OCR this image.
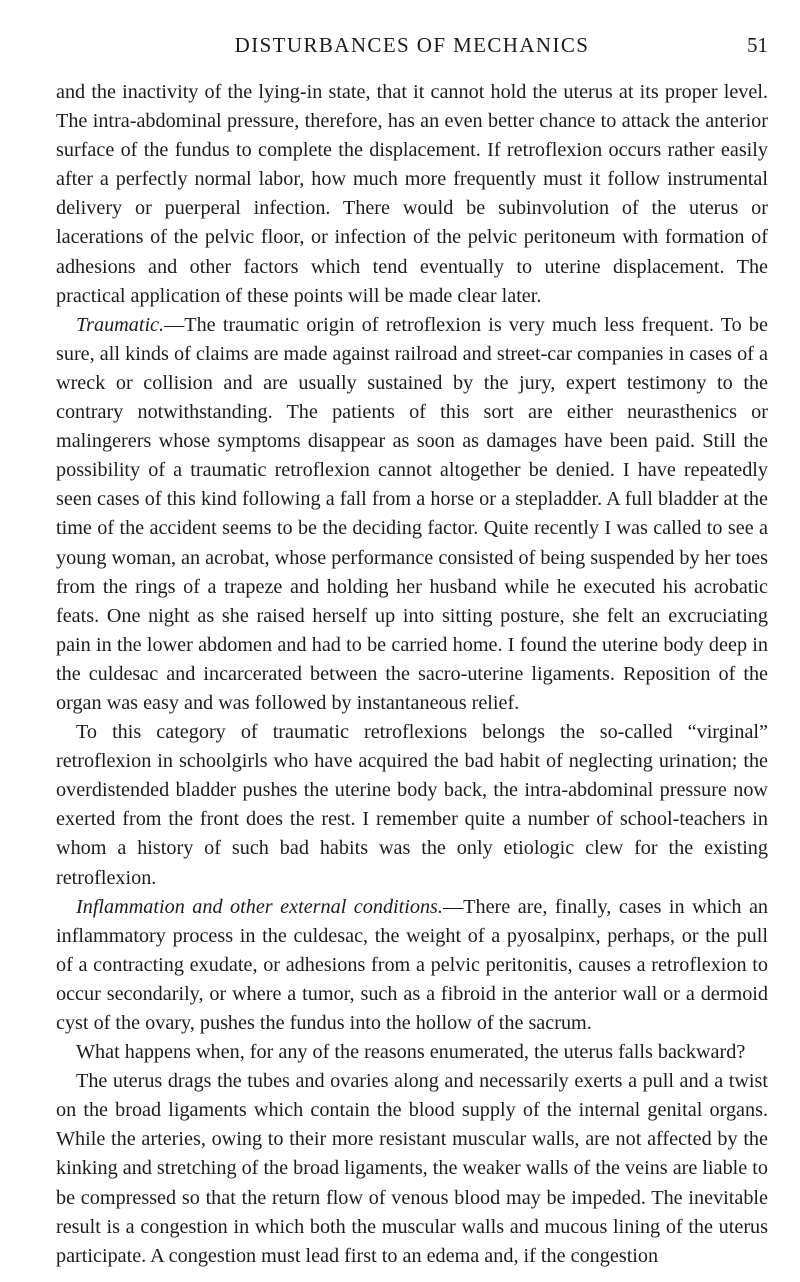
DISTURBANCES OF MECHANICS	51

and the inactivity of the lying-in state, that it cannot hold the uterus at its proper level. The intra-abdominal pressure, therefore, has an even better chance to attack the anterior surface of the fundus to complete the displacement. If retroflexion occurs rather easily after a perfectly normal labor, how much more frequently must it follow instrumental delivery or puerperal infection. There would be subinvolution of the uterus or lacerations of the pelvic floor, or infection of the pelvic peritoneum with formation of adhesions and other factors which tend eventually to uterine displacement. The practical application of these points will be made clear later.

Traumatic.—The traumatic origin of retroflexion is very much less frequent. To be sure, all kinds of claims are made against railroad and street-car companies in cases of a wreck or collision and are usually sustained by the jury, expert testimony to the contrary notwithstanding. The patients of this sort are either neurasthenics or malingerers whose symptoms disappear as soon as damages have been paid. Still the possibility of a traumatic retroflexion cannot altogether be denied. I have repeatedly seen cases of this kind following a fall from a horse or a stepladder. A full bladder at the time of the accident seems to be the deciding factor. Quite recently I was called to see a young woman, an acrobat, whose performance consisted of being suspended by her toes from the rings of a trapeze and holding her husband while he executed his acrobatic feats. One night as she raised herself up into sitting posture, she felt an excruciating pain in the lower abdomen and had to be carried home. I found the uterine body deep in the culdesac and incarcerated between the sacro-uterine ligaments. Reposition of the organ was easy and was followed by instantaneous relief.

To this category of traumatic retroflexions belongs the so-called “virginal” retroflexion in schoolgirls who have acquired the bad habit of neglecting urination; the overdistended bladder pushes the uterine body back, the intra-abdominal pressure now exerted from the front does the rest. I remember quite a number of school-teachers in whom a history of such bad habits was the only etiologic clew for the existing retroflexion.

Inflammation and other external conditions.—There are, finally, cases in which an inflammatory process in the culdesac, the weight of a pyosalpinx, perhaps, or the pull of a contracting exudate, or adhesions from a pelvic peritonitis, causes a retroflexion to occur secondarily, or where a tumor, such as a fibroid in the anterior wall or a dermoid cyst of the ovary, pushes the fundus into the hollow of the sacrum.

What happens when, for any of the reasons enumerated, the uterus falls backward?

The uterus drags the tubes and ovaries along and necessarily exerts a pull and a twist on the broad ligaments which contain the blood supply of the internal genital organs. While the arteries, owing to their more resistant muscular walls, are not affected by the kinking and stretching of the broad ligaments, the weaker walls of the veins are liable to be compressed so that the return flow of venous blood may be impeded. The inevitable result is a congestion in which both the muscular walls and mucous lining of the uterus participate. A congestion must lead first to an edema and, if the congestion
